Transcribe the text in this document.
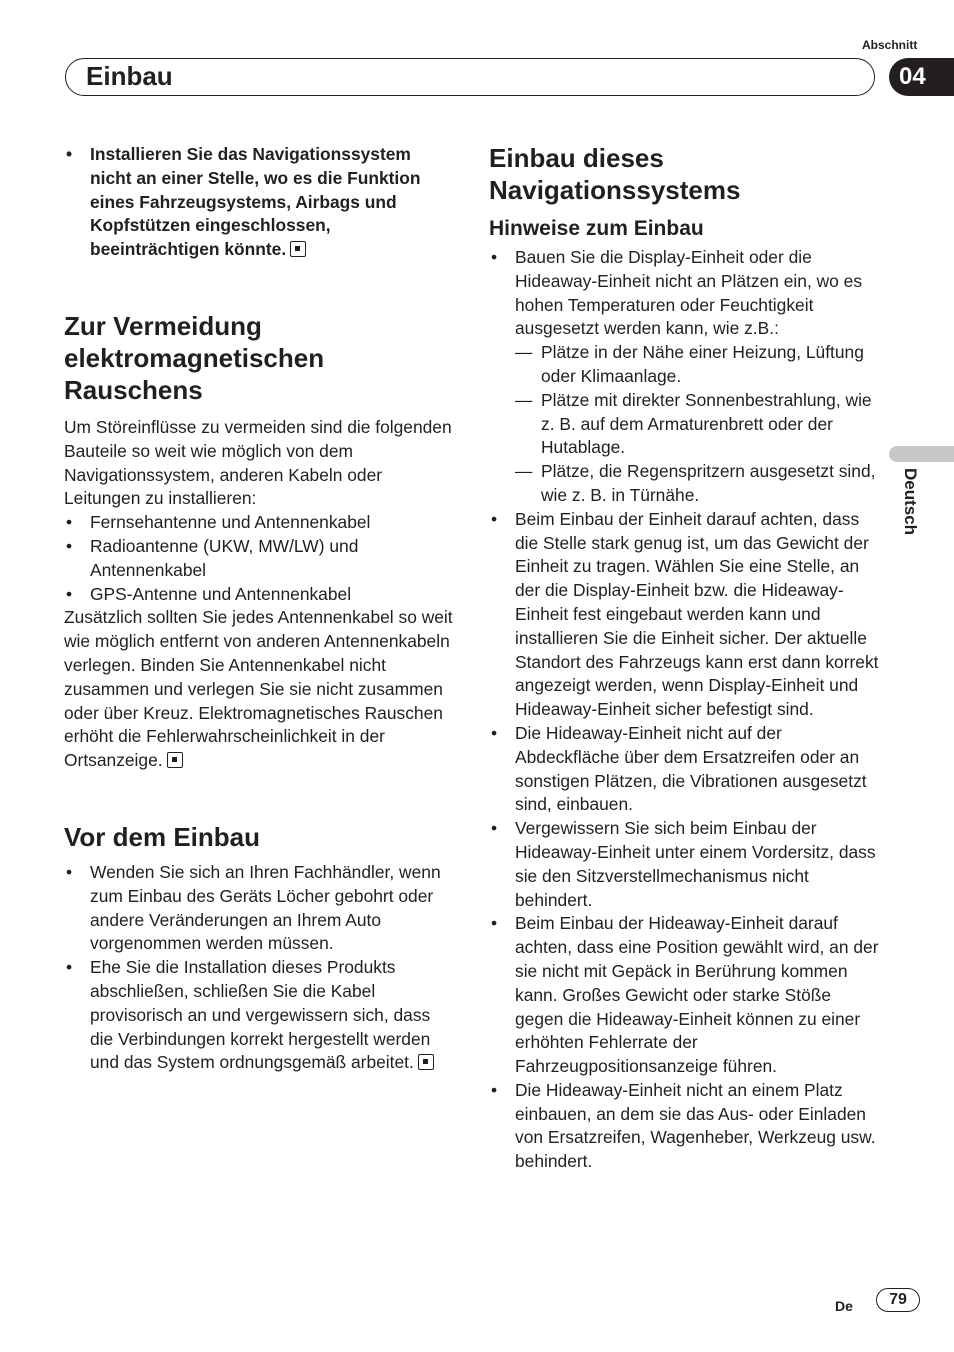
Abschnitt
Einbau	04
• Installieren Sie das Navigationssystem nicht an einer Stelle, wo es die Funktion eines Fahrzeugsystems, Airbags und Kopfstützen eingeschlossen, beeinträchtigen könnte.
Zur Vermeidung elektromagnetischen Rauschens

Um Störeinflüsse zu vermeiden sind die folgenden Bauteile so weit wie möglich von dem Navigationssystem, anderen Kabeln oder Leitungen zu installieren:

• Fernsehantenne und Antennenkabel
• Radioantenne (UKW, MW/LW) und Antennenkabel
• GPS-Antenne und Antennenkabel

Zusätzlich sollten Sie jedes Antennenkabel so weit wie möglich entfernt von anderen Antennenkabeln verlegen. Binden Sie Antennenkabel nicht zusammen und verlegen Sie sie nicht zusammen oder über Kreuz. Elektromagnetisches Rauschen erhöht die Fehlerwahrscheinlichkeit in der Ortsanzeige.

Vor dem Einbau
• Wenden Sie sich an Ihren Fachhändler, wenn zum Einbau des Geräts Löcher gebohrt oder andere Veränderungen an Ihrem Auto vorgenommen werden müssen.
• Ehe Sie die Installation dieses Produkts abschließen, schließen Sie die Kabel provisorisch an und vergewissern sich, dass die Verbindungen korrekt hergestellt werden und das System ordnungsgemäß arbeitet.
Einbau dieses Navigationssystems
Hinweise zum Einbau
• Bauen Sie die Display-Einheit oder die Hideaway-Einheit nicht an Plätzen ein, wo es hohen Temperaturen oder Feuchtigkeit ausgesetzt werden kann, wie z.B.:
— Plätze in der Nähe einer Heizung, Lüftung oder Klimaanlage.
— Plätze mit direkter Sonnenbestrahlung, wie z. B. auf dem Armaturenbrett oder der Hutablage.
— Plätze, die Regenspritzern ausgesetzt sind, wie z. B. in Türnähe.
• Beim Einbau der Einheit darauf achten, dass die Stelle stark genug ist, um das Gewicht der Einheit zu tragen. Wählen Sie eine Stelle, an der die Display-Einheit bzw. die Hideaway-Einheit fest eingebaut werden kann und installieren Sie die Einheit sicher. Der aktuelle Standort des Fahrzeugs kann erst dann korrekt angezeigt werden, wenn Display-Einheit und Hideaway-Einheit sicher befestigt sind.
• Die Hideaway-Einheit nicht auf der Abdeckfläche über dem Ersatzreifen oder an sonstigen Plätzen, die Vibrationen ausgesetzt sind, einbauen.
• Vergewissern Sie sich beim Einbau der Hideaway-Einheit unter einem Vordersitz, dass sie den Sitzverstellmechanismus nicht behindert.
• Beim Einbau der Hideaway-Einheit darauf achten, dass eine Position gewählt wird, an der sie nicht mit Gepäck in Berührung kommen kann. Großes Gewicht oder starke Stöße gegen die Hideaway-Einheit können zu einer erhöhten Fehlerrate der Fahrzeugpositionsanzeige führen.
• Die Hideaway-Einheit nicht an einem Platz einbauen, an dem sie das Aus- oder Einladen von Ersatzreifen, Wagenheber, Werkzeug usw. behindert.
Deutsch
De	79
